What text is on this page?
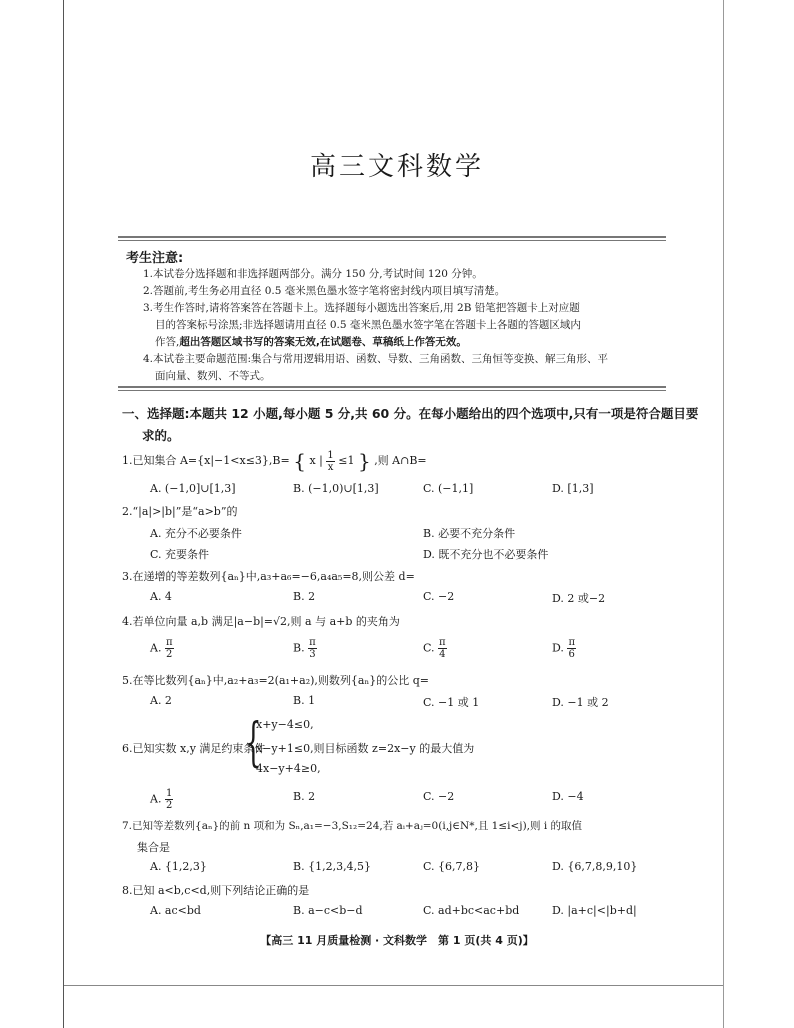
高三文科数学
考生注意:
1.本试卷分选择题和非选择题两部分。满分 150 分,考试时间 120 分钟。
2.答题前,考生务必用直径 0.5 毫米黑色墨水签字笔将密封线内项目填写清楚。
3.考生作答时,请将答案答在答题卡上。选择题每小题选出答案后,用 2B 铅笔把答题卡上对应题
目的答案标号涂黑;非选择题请用直径 0.5 毫米黑色墨水签字笔在答题卡上各题的答题区域内
作答,超出答题区域书写的答案无效,在试题卷、草稿纸上作答无效。
4.本试卷主要命题范围:集合与常用逻辑用语、函数、导数、三角函数、三角恒等变换、解三角形、平
面向量、数列、不等式。
一、选择题:本题共 12 小题,每小题 5 分,共 60 分。在每小题给出的四个选项中,只有一项是符合题目要
求的。
1.已知集合 A={x|−1<x≤3},B= { x | $\frac{1}{x} \le 1$ } ,则 A∩B=
A. (−1,0]∪[1,3]	B. (−1,0)∪[1,3]	C. (−1,1]	D. [1,3]
2.“|a|>|b|”是“a>b”的
A. 充分不必要条件	B. 必要不充分条件
C. 充要条件	D. 既不充分也不必要条件
3.在递增的等差数列{aₙ}中,a₃+a₆=−6,a₄a₅=8,则公差 d=
A. 4	B. 2	C. −2	D. 2 或−2
4.若单位向量 a,b 满足|a−b|=√2,则 a 与 a+b 的夹角为
A. $\frac{\pi}{2}$	B. $\frac{\pi}{3}$	C. $\frac{\pi}{4}$	D. $\frac{\pi}{6}$
5.在等比数列{aₙ}中,a₂+a₃=2(a₁+a₂),则数列{aₙ}的公比 q=
A. 2	B. 1	C. −1 或 1	D. −1 或 2
{
x+y−4≤0,
6.已知实数 x,y 满足约束条件
x−y+1≤0,则目标函数 z=2x−y 的最大值为
4x−y+4≥0,
A. $\frac{1}{2}$	B. 2	C. −2	D. −4
7.已知等差数列{aₙ}的前 n 项和为 Sₙ,a₁=−3,S₁₂=24,若 aᵢ+aⱼ=0(i,j∈N*,且 1≤i<j),则 i 的取值
集合是
A. {1,2,3}	B. {1,2,3,4,5}	C. {6,7,8}	D. {6,7,8,9,10}
8.已知 a<b,c<d,则下列结论正确的是
A. ac<bd	B. a−c<b−d	C. ad+bc<ac+bd	D. |a+c|<|b+d|
【高三 11 月质量检测 · 文科数学　第 1 页(共 4 页)】
